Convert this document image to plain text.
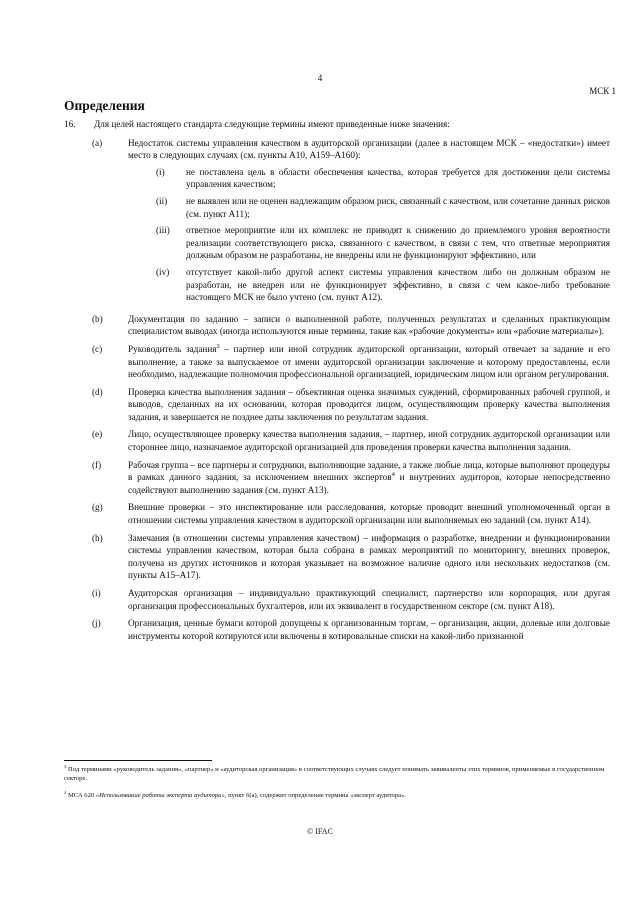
4
МСК 1
Определения
16.	Для целей настоящего стандарта следующие термины имеют приведенные ниже значения:
(a)	Недостаток системы управления качеством в аудиторской организации (далее в настоящем МСК – «недостатки») имеет место в следующих случаях (см. пункты А10, А159–А160):
(i)	не поставлена цель в области обеспечения качества, которая требуется для достижения цели системы управления качеством;
(ii)	не выявлен или не оценен надлежащим образом риск, связанный с качеством, или сочетание данных рисков (см. пункт А11);
(iii)	ответное мероприятие или их комплекс не приводят к снижению до приемлемого уровня вероятности реализации соответствующего риска, связанного с качеством, в связи с тем, что ответные мероприятия должным образом не разработаны, не внедрены или не функционируют эффективно, или
(iv)	отсутствует какой-либо другой аспект системы управления качеством либо он должным образом не разработан, не внедрен или не функционирует эффективно, в связи с чем какое-либо требование настоящего МСК не было учтено (см. пункт А12).
(b)	Документация по заданию – записи о выполненной работе, полученных результатах и сделанных практикующим специалистом выводах (иногда используются иные термины, такие как «рабочие документы» или «рабочие материалы»).
(c)	Руководитель задания$^3$ – партнер или иной сотрудник аудиторской организации, который отвечает за задание и его выполнение, а также за выпускаемое от имени аудиторской организации заключение и которому предоставлены, если необходимо, надлежащие полномочия профессиональной организацией, юридическим лицом или органом регулирования.
(d)	Проверка качества выполнения задания – объективная оценка значимых суждений, сформированных рабочей группой, и выводов, сделанных на их основании, которая проводится лицом, осуществляющим проверку качества выполнения задания, и завершается не позднее даты заключения по результатам задания.
(e)	Лицо, осуществляющее проверку качества выполнения задания, – партнер, иной сотрудник аудиторской организации или стороннее лицо, назначаемое аудиторской организацией для проведения проверки качества выполнения задания.
(f)	Рабочая группа – все партнеры и сотрудники, выполняющие задание, а также любые лица, которые выполняют процедуры в рамках данного задания, за исключением внешних экспертов$^4$ и внутренних аудиторов, которые непосредственно содействуют выполнению задания (см. пункт А13).
(g)	Внешние проверки – это инспектирование или расследования, которые проводит внешний уполномоченный орган в отношении системы управления качеством в аудиторской организации или выполняемых ею заданий (см. пункт А14).
(h)	Замечания (в отношении системы управления качеством) – информация о разработке, внедрении и функционировании системы управления качеством, которая была собрана в рамках мероприятий по мониторингу, внешних проверок, получена из других источников и которая указывает на возможное наличие одного или нескольких недостатков (см. пункты А15–А17).
(i)	Аудиторская организация – индивидуально практикующий специалист, партнерство или корпорация, или другая организация профессиональных бухгалтеров, или их эквивалент в государственном секторе (см. пункт А18).
(j)	Организация, ценные бумаги которой допущены к организованным торгам, – организация, акции, долевые или долговые инструменты которой котируются или включены в котировальные списки на какой-либо признанной
$^3$ Под терминами «руководитель задания», «партнер» и «аудиторская организация» в соответствующих случаях следует понимать эквиваленты этих терминов, применяемые в государственном секторе.
$^4$ МСА 620 «Использование работы эксперта аудитора», пункт 6(а), содержит определение термина «эксперт аудитора».
© IFAC
